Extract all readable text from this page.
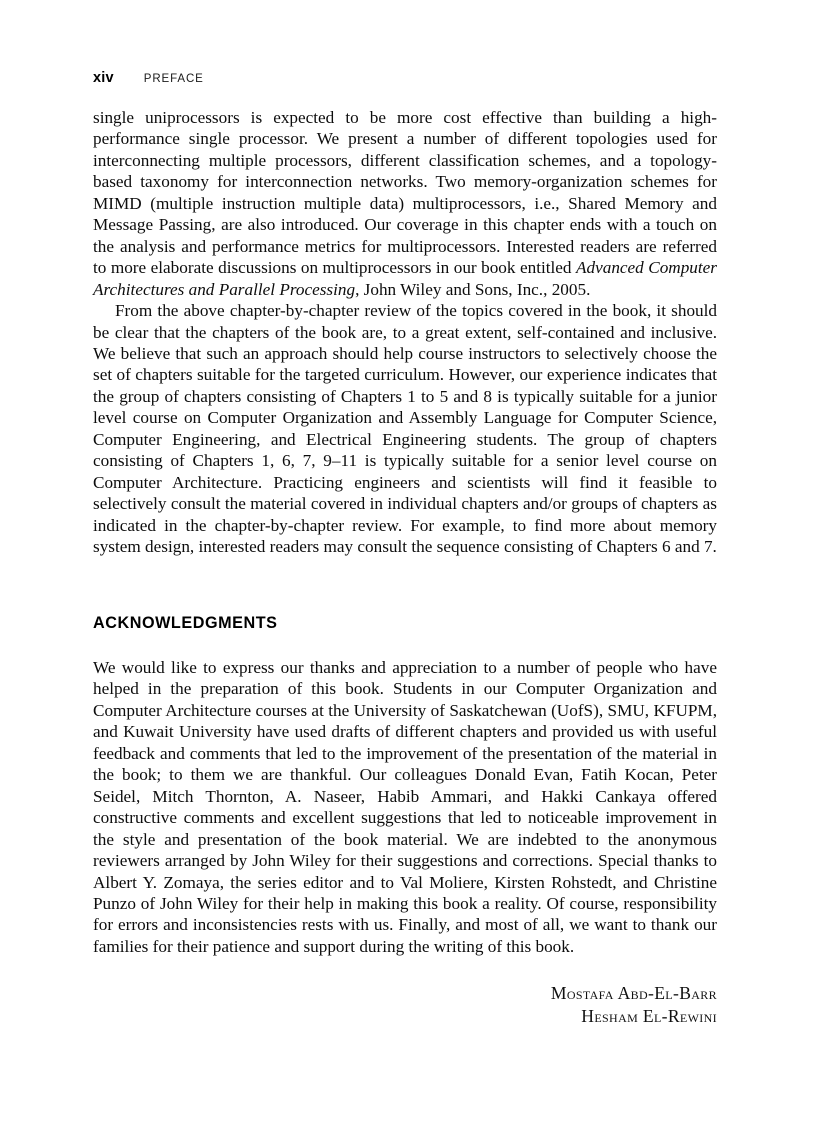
xiv	PREFACE

single uniprocessors is expected to be more cost effective than building a high-performance single processor. We present a number of different topologies used for interconnecting multiple processors, different classification schemes, and a topology-based taxonomy for interconnection networks. Two memory-organization schemes for MIMD (multiple instruction multiple data) multiprocessors, i.e., Shared Memory and Message Passing, are also introduced. Our coverage in this chapter ends with a touch on the analysis and performance metrics for multiprocessors. Interested readers are referred to more elaborate discussions on multiprocessors in our book entitled Advanced Computer Architectures and Parallel Processing, John Wiley and Sons, Inc., 2005.

From the above chapter-by-chapter review of the topics covered in the book, it should be clear that the chapters of the book are, to a great extent, self-contained and inclusive. We believe that such an approach should help course instructors to selectively choose the set of chapters suitable for the targeted curriculum. However, our experience indicates that the group of chapters consisting of Chapters 1 to 5 and 8 is typically suitable for a junior level course on Computer Organization and Assembly Language for Computer Science, Computer Engineering, and Electrical Engineering students. The group of chapters consisting of Chapters 1, 6, 7, 9–11 is typically suitable for a senior level course on Computer Architecture. Practicing engineers and scientists will find it feasible to selectively consult the material covered in individual chapters and/or groups of chapters as indicated in the chapter-by-chapter review. For example, to find more about memory system design, interested readers may consult the sequence consisting of Chapters 6 and 7.

ACKNOWLEDGMENTS

We would like to express our thanks and appreciation to a number of people who have helped in the preparation of this book. Students in our Computer Organization and Computer Architecture courses at the University of Saskatchewan (UofS), SMU, KFUPM, and Kuwait University have used drafts of different chapters and provided us with useful feedback and comments that led to the improvement of the presentation of the material in the book; to them we are thankful. Our colleagues Donald Evan, Fatih Kocan, Peter Seidel, Mitch Thornton, A. Naseer, Habib Ammari, and Hakki Cankaya offered constructive comments and excellent suggestions that led to noticeable improvement in the style and presentation of the book material. We are indebted to the anonymous reviewers arranged by John Wiley for their suggestions and corrections. Special thanks to Albert Y. Zomaya, the series editor and to Val Moliere, Kirsten Rohstedt, and Christine Punzo of John Wiley for their help in making this book a reality. Of course, responsibility for errors and inconsistencies rests with us. Finally, and most of all, we want to thank our families for their patience and support during the writing of this book.

Mostafa Abd-El-Barr
Hesham El-Rewini
